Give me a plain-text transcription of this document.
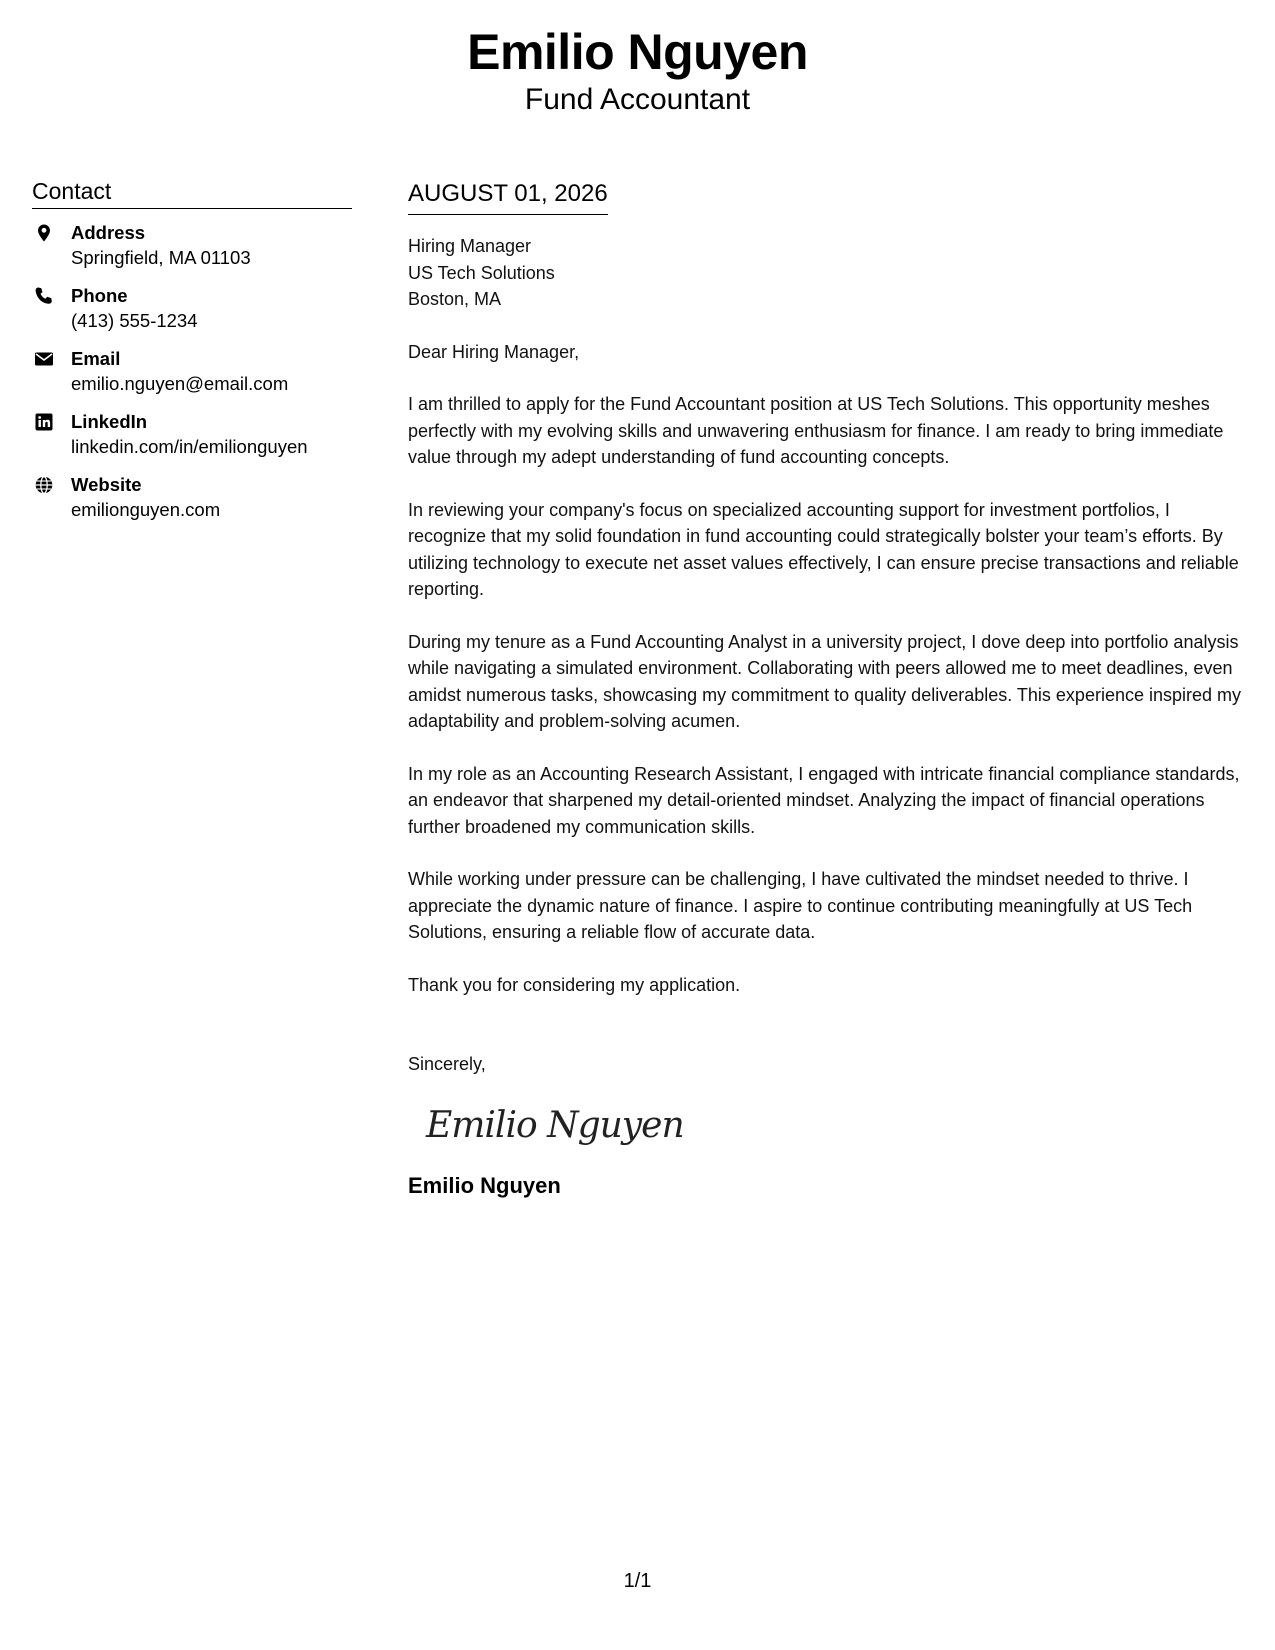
Emilio Nguyen
Fund Accountant
Contact
Address
Springfield, MA 01103
Phone
(413) 555-1234
Email
emilio.nguyen@email.com
LinkedIn
linkedin.com/in/emilionguyen
Website
emilionguyen.com
AUGUST 01, 2026
Hiring Manager
US Tech Solutions
Boston, MA
Dear Hiring Manager,
I am thrilled to apply for the Fund Accountant position at US Tech Solutions. This opportunity meshes perfectly with my evolving skills and unwavering enthusiasm for finance. I am ready to bring immediate value through my adept understanding of fund accounting concepts.
In reviewing your company's focus on specialized accounting support for investment portfolios, I recognize that my solid foundation in fund accounting could strategically bolster your team’s efforts. By utilizing technology to execute net asset values effectively, I can ensure precise transactions and reliable reporting.
During my tenure as a Fund Accounting Analyst in a university project, I dove deep into portfolio analysis while navigating a simulated environment. Collaborating with peers allowed me to meet deadlines, even amidst numerous tasks, showcasing my commitment to quality deliverables. This experience inspired my adaptability and problem-solving acumen.
In my role as an Accounting Research Assistant, I engaged with intricate financial compliance standards, an endeavor that sharpened my detail-oriented mindset. Analyzing the impact of financial operations further broadened my communication skills.
While working under pressure can be challenging, I have cultivated the mindset needed to thrive. I appreciate the dynamic nature of finance. I aspire to continue contributing meaningfully at US Tech Solutions, ensuring a reliable flow of accurate data.
Thank you for considering my application.
Sincerely,
Emilio Nguyen
Emilio Nguyen
1/1
